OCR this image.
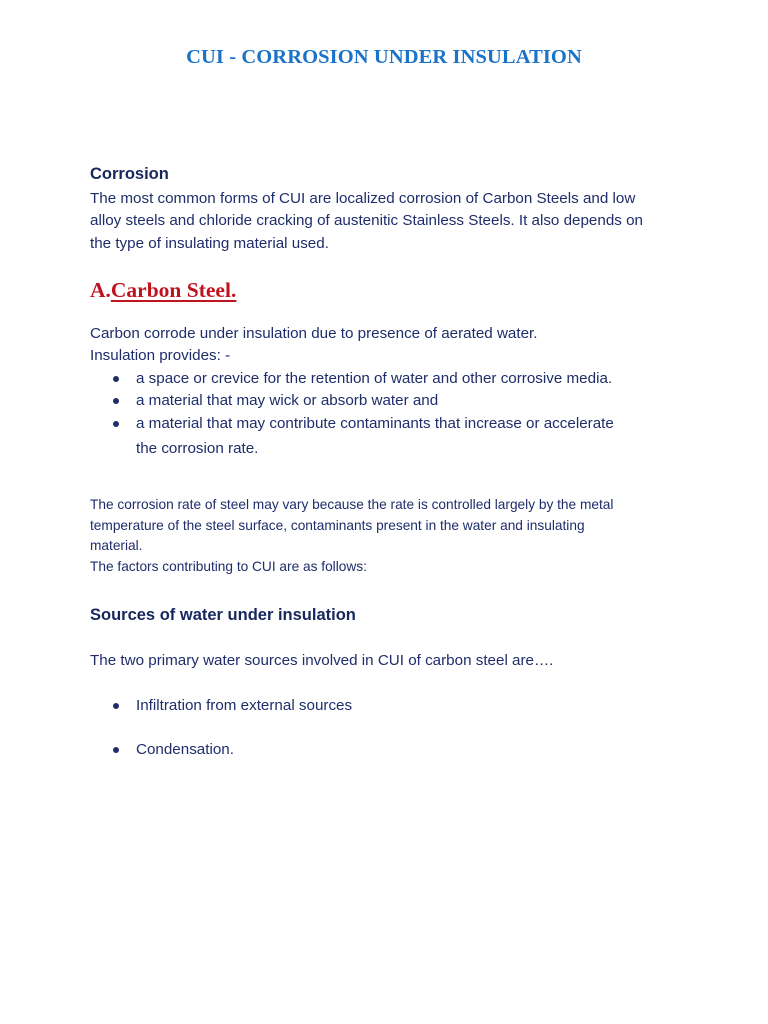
CUI - CORROSION UNDER INSULATION
Corrosion
The most common forms of CUI are localized corrosion of Carbon Steels and low
alloy steels and chloride cracking of austenitic Stainless Steels. It also depends on
the type of insulating material used.
A.Carbon Steel.
Carbon corrode under insulation due to presence of aerated water.
Insulation provides: -
a space or crevice for the retention of water and other corrosive media.
a material that may wick or absorb water and
a material that may contribute contaminants that increase or accelerate
the corrosion rate.
The corrosion rate of steel may vary because the rate is controlled largely by the metal
temperature of the steel surface, contaminants present in the water and insulating
material.
The factors contributing to CUI are as follows:
Sources of water under insulation
The two primary water sources involved in CUI of carbon steel are….
Infiltration from external sources
Condensation.
